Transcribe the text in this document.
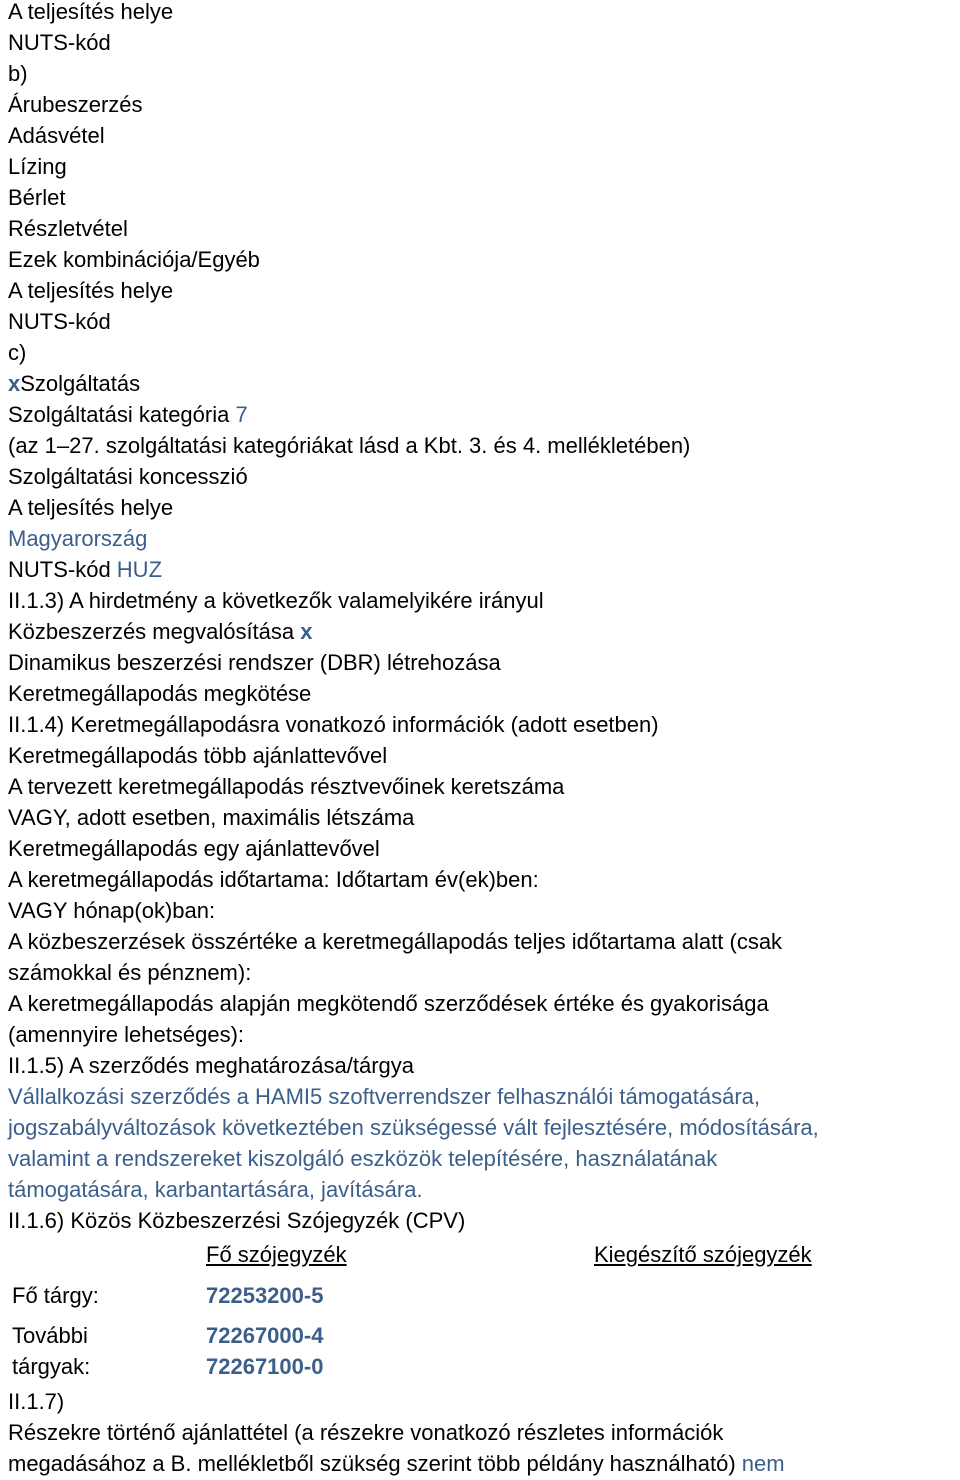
A teljesítés helye
NUTS-kód
b)
Árubeszerzés
Adásvétel
Lízing
Bérlet
Részletvétel
Ezek kombinációja/Egyéb
A teljesítés helye
NUTS-kód
c)
xSzolgáltatás
Szolgáltatási kategória 7
(az 1–27. szolgáltatási kategóriákat lásd a Kbt. 3. és 4. mellékletében)
Szolgáltatási koncesszió
A teljesítés helye
Magyarország
NUTS-kód HUZ
II.1.3) A hirdetmény a következők valamelyikére irányul
Közbeszerzés megvalósítása x
Dinamikus beszerzési rendszer (DBR) létrehozása
Keretmegállapodás megkötése
II.1.4) Keretmegállapodásra vonatkozó információk (adott esetben)
Keretmegállapodás több ajánlattevővel
A tervezett keretmegállapodás résztvevőinek keretszáma
VAGY, adott esetben, maximális létszáma
Keretmegállapodás egy ajánlattevővel
A keretmegállapodás időtartama: Időtartam év(ek)ben:
VAGY hónap(ok)ban:
A közbeszerzések összértéke a keretmegállapodás teljes időtartama alatt (csak
számokkal és pénznem):
A keretmegállapodás alapján megkötendő szerződések értéke és gyakorisága
(amennyire lehetséges):
II.1.5) A szerződés meghatározása/tárgya
Vállalkozási szerződés a HAMI5 szoftverrendszer felhasználói támogatására,
jogszabályváltozások következtében szükségessé vált fejlesztésére, módosítására,
valamint a rendszereket kiszolgáló eszközök telepítésére, használatának
támogatására, karbantartására, javítására.
II.1.6) Közös Közbeszerzési Szójegyzék (CPV)
Fő szójegyzék	Kiegészítő szójegyzék
Fő tárgy:	72253200-5
További
tárgyak:
72267000-4
72267100-0
II.1.7)
Részekre történő ajánlattétel (a részekre vonatkozó részletes információk
megadásához a B. mellékletből szükség szerint több példány használható) nem
